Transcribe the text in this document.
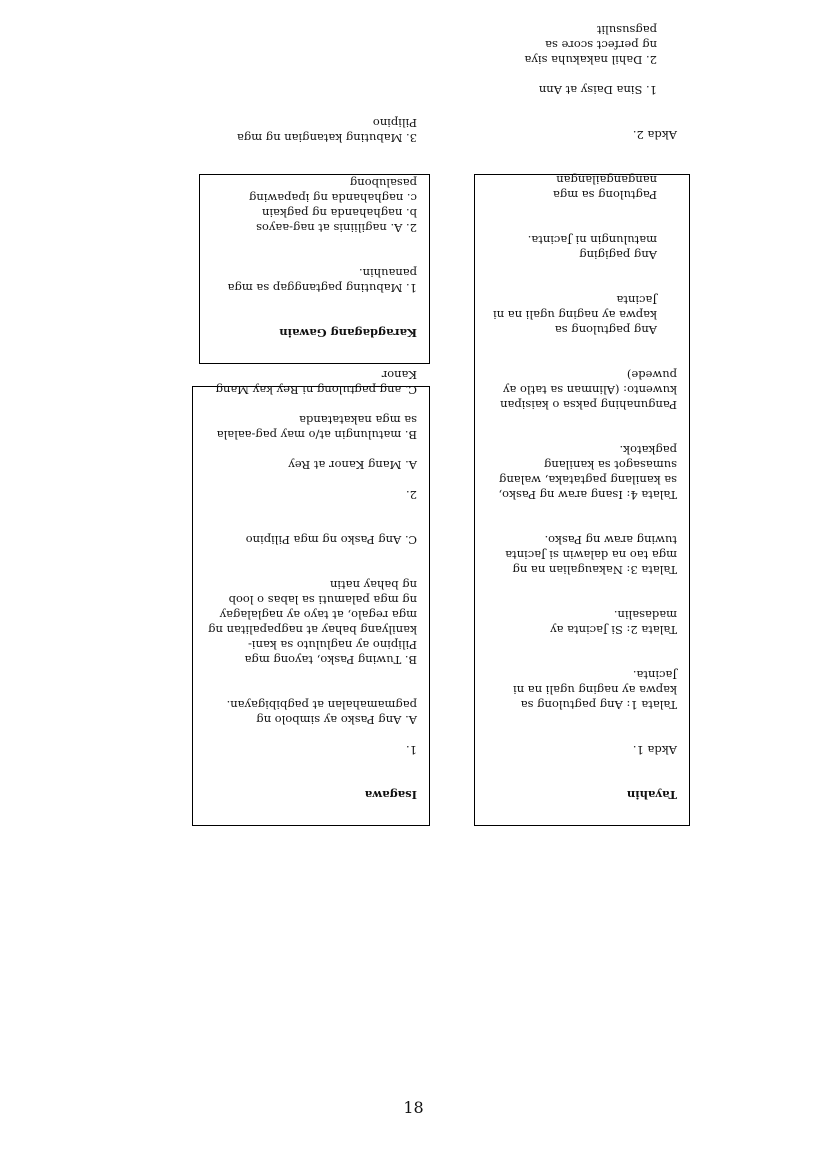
Tayahin

Akda 1.

Talata 1: Ang pagtulong sa
kapwa ay naging ugali na ni
Jacinta.

Talata 2: Si Jacinta ay
madasalin.

Talata 3: Nakaugalian na ng
mga tao na dalawin si Jacinta
tuwing araw ng Pasko.

Talata 4: Isang araw ng Pasko,
sa kanilang pagtataka, walang
sumasagot sa kanilang
pagkatok.

Pangunahing paksa o kaisipan
kuwento: (Alinman sa tatlo ay
puwede)

Ang pagtulong sa
kapwa ay naging ugali na ni
Jacinta

Ang pagiging
matulungin ni Jacinta.

Pagtulong sa mga
nangangailangan

Akda 2.

1. Sina Daisy at Ann

2. Dahil nakakuha siya
ng perfect score sa
pagsusulit

Isagawa

1.

A. Ang Pasko ay simbolo ng
pagmamahalan at pagbibigayan.

B. Tuwing Pasko, tayong mga
Pilipino ay nagluluto sa kani-
kanilyang bahay at nagpapalitan ng
mga regalo, at tayo ay naglalagay
ng mga palamuti sa labas o loob
ng bahay natin

C. Ang Pasko ng mga Pilipino

2.

A. Mang Kanor at Rey

B. matulungin at/o may pag-aalala
sa mga nakatatanda

C. ang pagtulong ni Rey kay Mang
Kanor

Karagdagang Gawain

1. Mabuting pagtanggap sa mga
panauhin.

2. A. nagiliinis at nag-aayos
b. naghahanda ng pagkain
c. naghahanda ng ipapawing
pasalubong

3. Mabuting katangian ng mga
Pilipino

18
